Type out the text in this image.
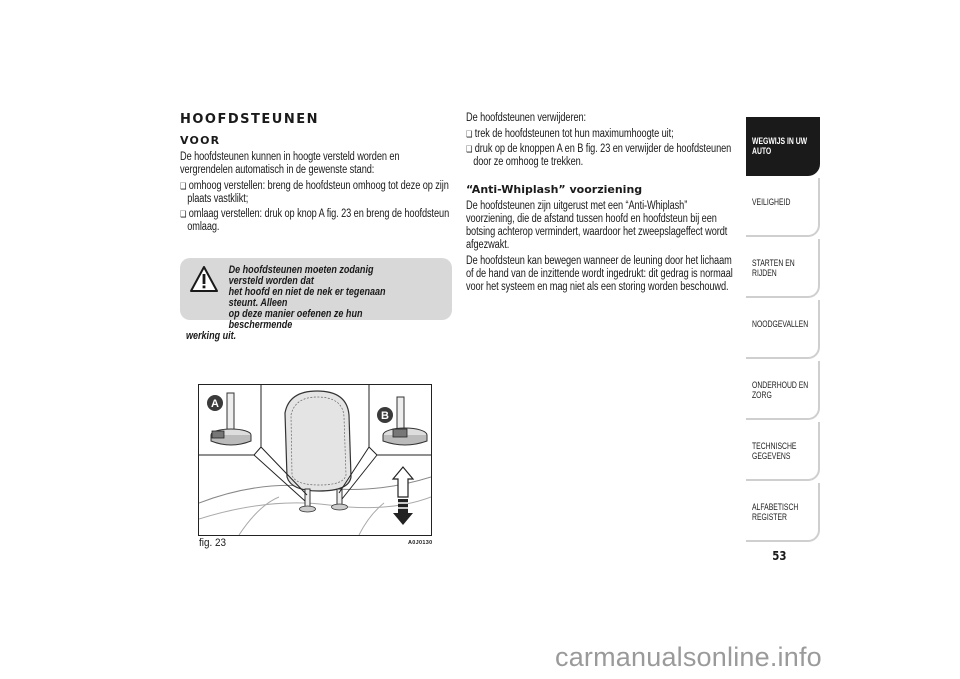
HOOFDSTEUNEN
VOOR

De hoofdsteunen kunnen in hoogte versteld worden en vergrendelen automatisch in de gewenste stand:

❏ omhoog verstellen: breng de hoofdsteun omhoog tot deze op zijn plaats vastklikt;

❏ omlaag verstellen: druk op knop A fig. 23 en breng de hoofdsteun omlaag.

De hoofdsteunen moeten zodanig versteld worden dat
het hoofd en niet de nek er tegenaan steunt. Alleen
op deze manier oefenen ze hun beschermende
werking uit.
A
B
fig. 23	A0J0130

De hoofdsteunen verwijderen:

❏ trek de hoofdsteunen tot hun maximumhoogte uit;

❏ druk op de knoppen A en B fig. 23 en verwijder de hoofdsteunen door ze omhoog te trekken.

“Anti-Whiplash” voorziening

De hoofdsteunen zijn uitgerust met een “Anti-Whiplash” voorziening, die de afstand tussen hoofd en hoofdsteun bij een botsing achterop vermindert, waardoor het zweepslageffect wordt afgezwakt.

De hoofdsteun kan bewegen wanneer de leuning door het lichaam of de hand van de inzittende wordt ingedrukt: dit gedrag is normaal voor het systeem en mag niet als een storing worden beschouwd.

WEGWIJS IN UW AUTO
VEILIGHEID
STARTEN EN RIJDEN
NOODGEVALLEN
ONDERHOUD EN ZORG
TECHNISCHE GEGEVENS
ALFABETISCH REGISTER
53
carmanualsonline.info
